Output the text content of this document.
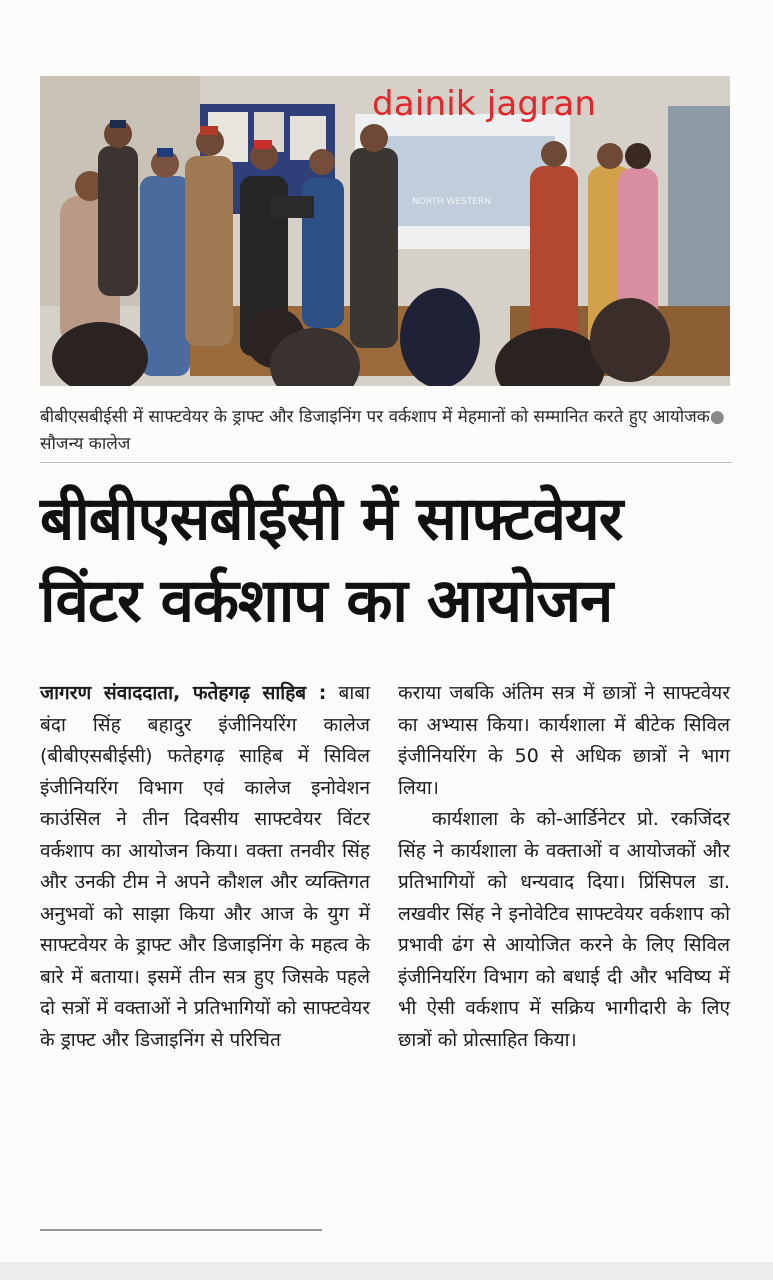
NORTH WESTERN
dainik jagran
बीबीएसबीईसी में साफ्टवेयर के ड्राफ्ट और डिजाइनिंग पर वर्कशाप में मेहमानों को सम्मानित करते हुए आयोजक● सौजन्य कालेज
बीबीएसबीईसी में साफ्टवेयर
विंटर वर्कशाप का आयोजन

जागरण संवाददाता, फतेहगढ़ साहिब : बाबा बंदा सिंह बहादुर इंजीनियरिंग कालेज (बीबीएसबीईसी) फतेहगढ़ साहिब में सिविल इंजीनियरिंग विभाग एवं कालेज इनोवेशन काउंसिल ने तीन दिवसीय साफ्टवेयर विंटर वर्कशाप का आयोजन किया। वक्ता तनवीर सिंह और उनकी टीम ने अपने कौशल और व्यक्तिगत अनुभवों को साझा किया और आज के युग में साफ्टवेयर के ड्राफ्ट और डिजाइनिंग के महत्व के बारे में बताया। इसमें तीन सत्र हुए जिसके पहले दो सत्रों में वक्ताओं ने प्रतिभागियों को साफ्टवेयर के ड्राफ्ट और डिजाइनिंग से परिचित

कराया जबकि अंतिम सत्र में छात्रों ने साफ्टवेयर का अभ्यास किया। कार्यशाला में बीटेक सिविल इंजीनियरिंग के 50 से अधिक छात्रों ने भाग लिया।

कार्यशाला के को-आर्डिनेटर प्रो. रकजिंदर सिंह ने कार्यशाला के वक्ताओं व आयोजकों और प्रतिभागियों को धन्यवाद दिया। प्रिंसिपल डा. लखवीर सिंह ने इनोवेटिव साफ्टवेयर वर्कशाप को प्रभावी ढंग से आयोजित करने के लिए सिविल इंजीनियरिंग विभाग को बधाई दी और भविष्य में भी ऐसी वर्कशाप में सक्रिय भागीदारी के लिए छात्रों को प्रोत्साहित किया।
